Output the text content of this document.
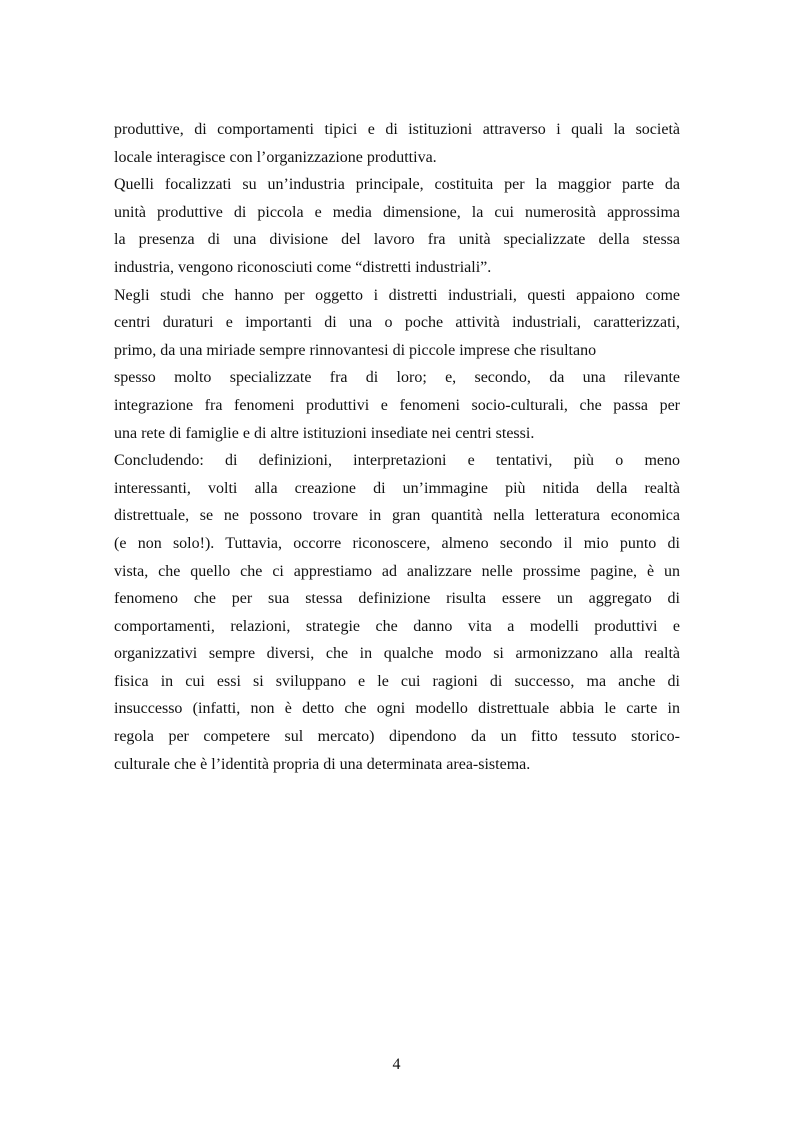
produttive, di comportamenti tipici e di istituzioni attraverso i quali la società
locale interagisce con l’organizzazione produttiva.
Quelli focalizzati su un’industria principale, costituita per la maggior parte da
unità produttive di piccola e media dimensione, la cui numerosità approssima
la presenza di una divisione del lavoro fra unità specializzate della stessa
industria, vengono riconosciuti come “distretti industriali”.
Negli studi che hanno per oggetto i distretti industriali, questi appaiono come
centri duraturi e importanti di una o poche attività industriali, caratterizzati,
primo, da una miriade sempre rinnovantesi di piccole imprese che risultano
spesso molto specializzate fra di loro; e, secondo, da una rilevante
integrazione fra fenomeni produttivi e fenomeni socio-culturali, che passa per
una rete di famiglie e di altre istituzioni insediate nei centri stessi.
Concludendo: di definizioni, interpretazioni e tentativi, più o meno
interessanti, volti alla creazione di un’immagine più nitida della realtà
distrettuale, se ne possono trovare in gran quantità nella letteratura economica
(e non solo!). Tuttavia, occorre riconoscere, almeno secondo il mio punto di
vista, che quello che ci apprestiamo ad analizzare nelle prossime pagine, è un
fenomeno che per sua stessa definizione risulta essere un aggregato di
comportamenti, relazioni, strategie che danno vita a modelli produttivi e
organizzativi sempre diversi, che in qualche modo si armonizzano alla realtà
fisica in cui essi si sviluppano e le cui ragioni di successo, ma anche di
insuccesso (infatti, non è detto che ogni modello distrettuale abbia le carte in
regola per competere sul mercato) dipendono da un fitto tessuto storico-
culturale che è l’identità propria di una determinata area-sistema.
4
